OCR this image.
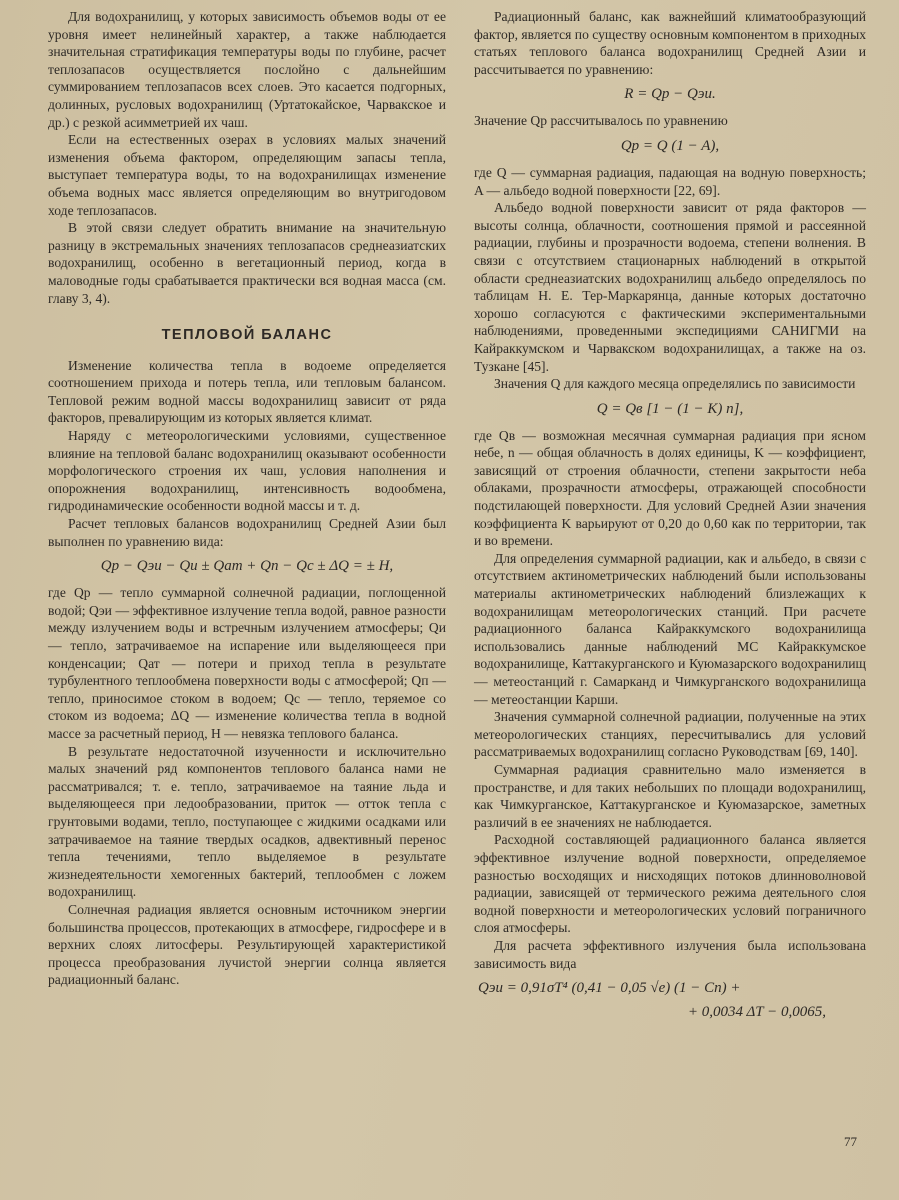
Для водохранилищ, у которых зависимость объемов воды от ее уровня имеет нелинейный характер, а также наблюдается значительная стратификация температуры воды по глубине, расчет теплозапасов осуществляется послойно с дальнейшим суммированием теплозапасов всех слоев. Это касается подгорных, долинных, русловых водохранилищ (Уртатокайское, Чарвакское и др.) с резкой асимметрией их чаш.

Если на естественных озерах в условиях малых значений изменения объема фактором, определяющим запасы тепла, выступает температура воды, то на водохранилищах изменение объема водных масс является определяющим во внутригодовом ходе теплозапасов.

В этой связи следует обратить внимание на значительную разницу в экстремальных значениях теплозапасов среднеазиатских водохранилищ, особенно в вегетационный период, когда в маловодные годы срабатывается практически вся водная масса (см. главу 3, 4).

ТЕПЛОВОЙ БАЛАНС

Изменение количества тепла в водоеме определяется соотношением прихода и потерь тепла, или тепловым балансом. Тепловой режим водной массы водохранилищ зависит от ряда факторов, превалирующим из которых является климат.

Наряду с метеорологическими условиями, существенное влияние на тепловой баланс водохранилищ оказывают особенности морфологического строения их чаш, условия наполнения и опорожнения водохранилищ, интенсивность водообмена, гидродинамические особенности водной массы и т. д.

Расчет тепловых балансов водохранилищ Средней Азии был выполнен по уравнению вида:

Qр − Qэи − Qи ± Qат + Qп − Qс ± ΔQ = ± H,

где Qр — тепло суммарной солнечной радиации, поглощенной водой; Qэи — эффективное излучение тепла водой, равное разности между излучением воды и встречным излучением атмосферы; Qи — тепло, затрачиваемое на испарение или выделяющееся при конденсации; Qат — потери и приход тепла в результате турбулентного теплообмена поверхности воды с атмосферой; Qп — тепло, приносимое стоком в водоем; Qс — тепло, теряемое со стоком из водоема; ΔQ — изменение количества тепла в водной массе за расчетный период, H — невязка теплового баланса.

В результате недостаточной изученности и исключительно малых значений ряд компонентов теплового баланса нами не рассматривался; т. е. тепло, затрачиваемое на таяние льда и выделяющееся при ледообразовании, приток — отток тепла с грунтовыми водами, тепло, поступающее с жидкими осадками или затрачиваемое на таяние твердых осадков, адвективный перенос тепла течениями, тепло выделяемое в результате жизнедеятельности хемогенных бактерий, теплообмен с ложем водохранилищ.

Солнечная радиация является основным источником энергии большинства процессов, протекающих в атмосфере, гидросфере и в верхних слоях литосферы. Результирующей характеристикой процесса преобразования лучистой энергии солнца является радиационный баланс.

Радиационный баланс, как важнейший климатообразующий фактор, является по существу основным компонентом в приходных статьях теплового баланса водохранилищ Средней Азии и рассчитывается по уравнению:

R = Qр − Qэи.

Значение Qр рассчитывалось по уравнению

Qр = Q (1 − A),

где Q — суммарная радиация, падающая на водную поверхность; A — альбедо водной поверхности [22, 69].

Альбедо водной поверхности зависит от ряда факторов — высоты солнца, облачности, соотношения прямой и рассеянной радиации, глубины и прозрачности водоема, степени волнения. В связи с отсутствием стационарных наблюдений в открытой области среднеазиатских водохранилищ альбедо определялось по таблицам Н. Е. Тер-Маркарянца, данные которых достаточно хорошо согласуются с фактическими экспериментальными наблюдениями, проведенными экспедициями САНИГМИ на Кайраккумском и Чарвакском водохранилищах, а также на оз. Тузкане [45].

Значения Q для каждого месяца определялись по зависимости

Q = Qв [1 − (1 − K) n],

где Qв — возможная месячная суммарная радиация при ясном небе, n — общая облачность в долях единицы, K — коэффициент, зависящий от строения облачности, степени закрытости неба облаками, прозрачности атмосферы, отражающей способности подстилающей поверхности. Для условий Средней Азии значения коэффициента K варьируют от 0,20 до 0,60 как по территории, так и во времени.

Для определения суммарной радиации, как и альбедо, в связи с отсутствием актинометрических наблюдений были использованы материалы актинометрических наблюдений близлежащих к водохранилищам метеорологических станций. При расчете радиационного баланса Кайраккумского водохранилища использовались данные наблюдений МС Кайраккумское водохранилище, Каттакурганского и Куюмазарского водохранилищ — метеостанций г. Самарканд и Чимкурганского водохранилища — метеостанции Карши.

Значения суммарной солнечной радиации, полученные на этих метеорологических станциях, пересчитывались для условий рассматриваемых водохранилищ согласно Руководствам [69, 140].

Суммарная радиация сравнительно мало изменяется в пространстве, и для таких небольших по площади водохранилищ, как Чимкурганское, Каттакурганское и Куюмазарское, заметных различий в ее значениях не наблюдается.

Расходной составляющей радиационного баланса является эффективное излучение водной поверхности, определяемое разностью восходящих и нисходящих потоков длинноволновой радиации, зависящей от термического режима деятельного слоя водной поверхности и метеорологических условий пограничного слоя атмосферы.

Для расчета эффективного излучения была использована зависимость вида

Qэи = 0,91σT⁴ (0,41 − 0,05 √e) (1 − Cn) +
+ 0,0034 ΔT − 0,0065,
77
